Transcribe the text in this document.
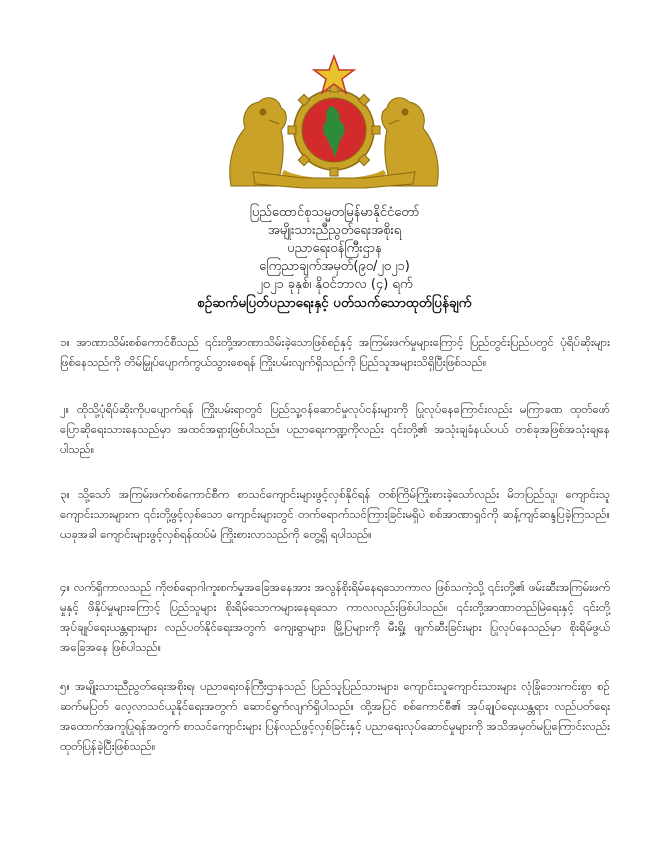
ပြည်ထောင်စုသမ္မတမြန်မာနိုင်ငံတော်
အမျိုးသားညီညွတ်ရေးအစိုးရ
ပညာရေးဝန်ကြီးဌာန
ကြေညာချက်အမှတ်(၉၀/၂၀၂၁)
၂၀၂၁ ခုနှစ်၊ နိုဝင်ဘာလ (၄) ရက်
စဉ်ဆက်မပြတ်ပညာရေးနှင့် ပတ်သက်သောထုတ်ပြန်ချက်

၁။ အာဏာသိမ်းစစ်ကောင်စီသည် ၎င်းတို့အာဏာသိမ်းခဲ့သောဖြစ်စဉ်နှင့် အကြမ်းဖက်မှုများကြောင့် ပြည်တွင်းပြည်ပတွင် ပုံရိပ်ဆိုးများဖြစ်နေသည်ကို တိမ်မြှုပ်ပျောက်ကွယ်သွားစေရန် ကြိုးပမ်းလျက်ရှိသည်ကို ပြည်သူအများသိရှိပြီးဖြစ်သည်။

၂။ ထိုသို့ပုံရိပ်ဆိုးကိုပပျောက်ရန် ကြိုးပမ်းရာတွင် ပြည်သူ့ဝန်ဆောင်မှုလုပ်ငန်းများကို ပြုလုပ်နေကြောင်းလည်း မကြာခဏ ထုတ်ဖော်ပြောဆိုရေးသားနေသည်မှာ အထင်အရှားဖြစ်ပါသည်။ ပညာရေးကဏ္ဍကိုလည်း ၎င်းတို့၏ အသုံးချခံနယ်ပယ် တစ်ခုအဖြစ်အသုံးချနေပါသည်။

၃။ သို့သော် အကြမ်းဖက်စစ်ကောင်စီက စာသင်ကျောင်းများဖွင့်လှစ်နိုင်ရန် တစ်ကြိမ်ကြိုးစားခဲ့သော်လည်း မိဘပြည်သူ၊ ကျောင်းသူကျောင်းသားများက ၎င်းတို့ဖွင့်လှစ်သော ကျောင်းများတွင် တက်ရောက်သင်ကြားခြင်းမရှိပဲ စစ်အာဏာရှင်ကို ဆန့်ကျင်ဆန္ဒပြခဲ့ကြသည်။ ယခုအခါ ကျောင်းများဖွင့်လှစ်ရန်ထပ်မံ ကြိုးစားလာသည်ကို တွေ့ရှိ ရပါသည်။

၄။ လက်ရှိကာလသည် ကိုဗစ်ရောဂါကူးစက်မှုအခြေအနေအား အလွန်စိုးရိမ်နေရသောကာလ ဖြစ်သကဲ့သို့ ၎င်းတို့၏ ဖမ်းဆီးအကြမ်းဖက်မှုနှင့် ဖိနှိပ်မှုများကြောင့် ပြည်သူများ စိုးရိမ်သောကများနေရသော ကာလလည်းဖြစ်ပါသည်။ ၎င်းတို့အာဏာတည်မြဲရေးနှင့် ၎င်းတို့ အုပ်ချုပ်ရေးယန္တရားများ လည်ပတ်နိုင်ရေးအတွက် ကျေးရွာများ၊ မြို့ပြများကို မီးရှို့၊ ဖျက်ဆီးခြင်းများ ပြုလုပ်နေသည်မှာ စိုးရိမ်ဖွယ်အခြေအနေ ဖြစ်ပါသည်။

၅။ အမျိုးသားညီညွတ်ရေးအစိုးရ၊ ပညာရေးဝန်ကြီးဌာနသည် ပြည်သူပြည်သားများ၊ ကျောင်းသူကျောင်းသားများ လုံခြုံဘေးကင်းစွာ စဉ်ဆက်မပြတ် လေ့လာသင်ယူနိုင်ရေးအတွက် ဆောင်ရွက်လျက်ရှိပါသည်။ ထို့အပြင် စစ်ကောင်စီ၏ အုပ်ချုပ်ရေးယန္တရား လည်ပတ်ရေး အထောက်အကူပြုရန်အတွက် စာသင်ကျောင်းများ ပြန်လည်ဖွင့်လှစ်ခြင်းနှင့် ပညာရေးလုပ်ဆောင်မှုများကို အသိအမှတ်မပြုကြောင်းလည်း ထုတ်ပြန်ခဲ့ပြီးဖြစ်သည်။
